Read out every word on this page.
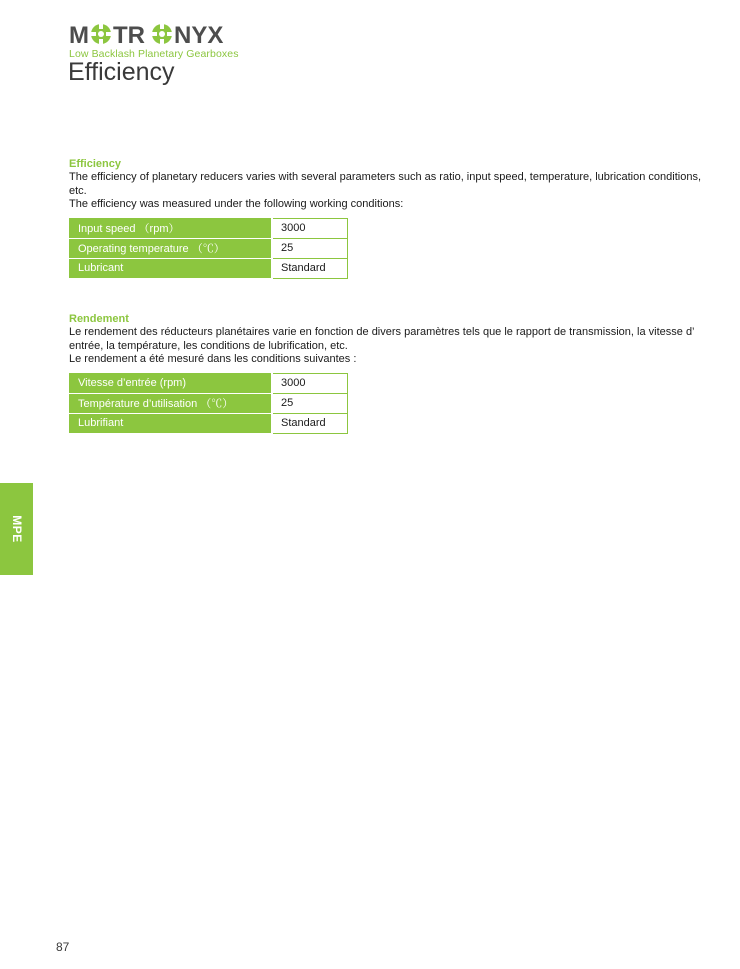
M TR NYX
Low Backlash Planetary Gearboxes
Efficiency
Efficiency

The efficiency of planetary reducers varies with several parameters such as ratio, input speed, temperature, lubrication conditions, etc.

The efficiency was measured under the following working conditions:

Input speed （rpm）	3000
Operating temperature （℃）	25
Lubricant	Standard
Rendement

Le rendement des réducteurs planétaires varie en fonction de divers paramètres tels que le rapport de transmission, la vitesse d’ entrée, la température, les conditions de lubrification, etc.

Le rendement a été mesuré dans les conditions suivantes :

Vitesse d’entrée (rpm)	3000
Température d’utilisation （℃）	25
Lubrifiant	Standard
MPE
87
